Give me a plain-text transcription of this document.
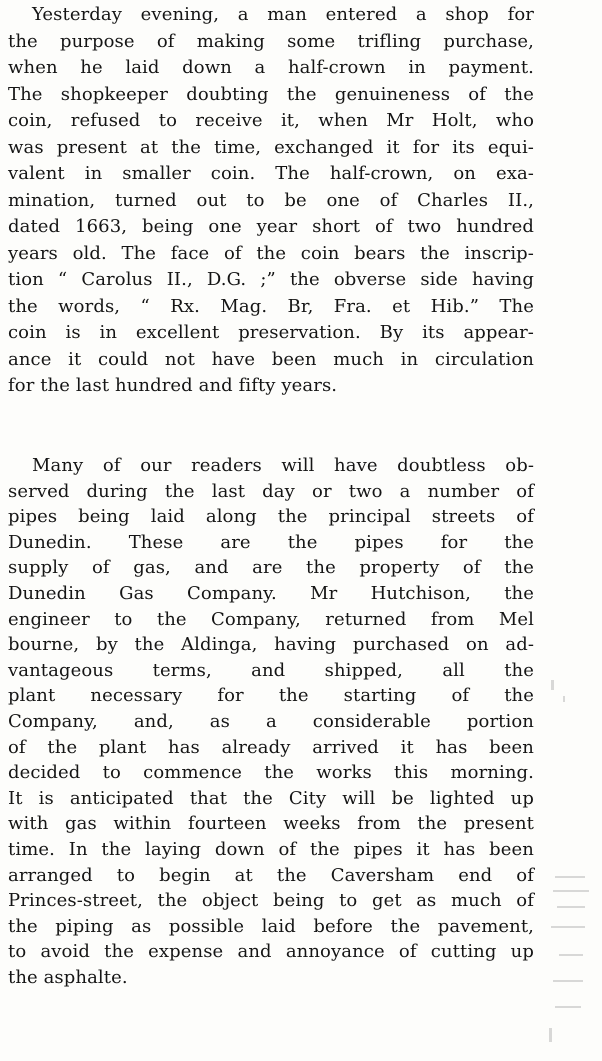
Yesterday evening, a man entered a shop for
the purpose of making some trifling purchase,
when he laid down a half-crown in payment.
The shopkeeper doubting the genuineness of the
coin, refused to receive it, when Mr Holt, who
was present at the time, exchanged it for its equi-
valent in smaller coin. The half-crown, on exa-
mination, turned out to be one of Charles II.,
dated 1663, being one year short of two hundred
years old. The face of the coin bears the inscrip-
tion “ Carolus II., D.G. ;” the obverse side having
the words, “ Rx. Mag. Br, Fra. et Hib.” The
coin is in excellent preservation. By its appear-
ance it could not have been much in circulation
for the last hundred and fifty years.
Many of our readers will have doubtless ob-
served during the last day or two a number of
pipes being laid along the principal streets of
Dunedin. These are the pipes for the
supply of gas, and are the property of the
Dunedin Gas Company. Mr Hutchison, the
engineer to the Company, returned from Mel
bourne, by the Aldinga, having purchased on ad-
vantageous terms, and shipped, all the
plant necessary for the starting of the
Company, and, as a considerable portion
of the plant has already arrived it has been
decided to commence the works this morning.
It is anticipated that the City will be lighted up
with gas within fourteen weeks from the present
time. In the laying down of the pipes it has been
arranged to begin at the Caversham end of
Princes-street, the object being to get as much of
the piping as possible laid before the pavement,
to avoid the expense and annoyance of cutting up
the asphalte.
